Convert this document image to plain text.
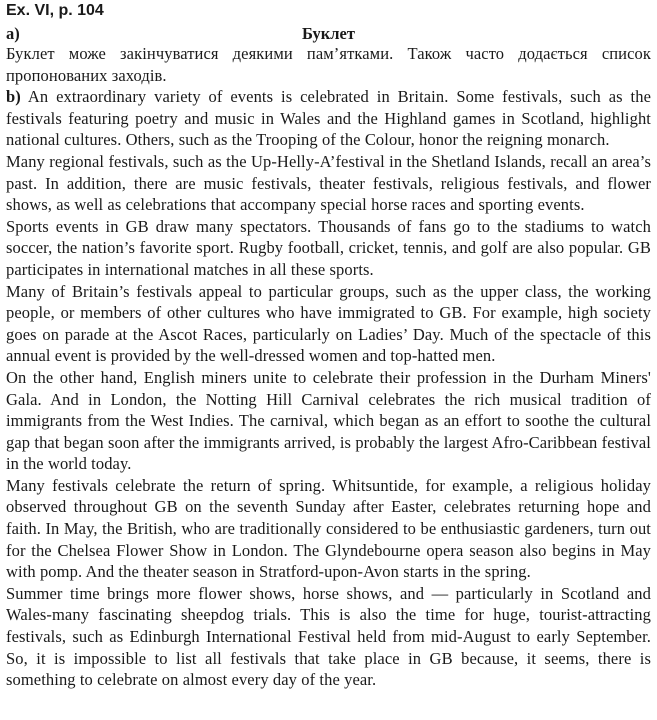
Ex. VI, p. 104
a)	Буклет

Буклет може закінчуватися деякими пам’ятками. Також часто додається список пропонованих заходів.

b) An extraordinary variety of events is celebrated in Britain. Some festivals, such as the festivals featuring poetry and music in Wales and the Highland games in Scotland, highlight national cultures. Others, such as the Trooping of the Colour, honor the reigning monarch.

Many regional festivals, such as the Up-Helly-A’festival in the Shetland Islands, recall an area’s past. In addition, there are music festivals, theater festivals, religious festivals, and flower shows, as well as celebrations that accompany special horse races and sporting events.

Sports events in GB draw many spectators. Thousands of fans go to the stadiums to watch soccer, the nation’s favorite sport. Rugby football, cricket, tennis, and golf are also popular. GB participates in international matches in all these sports.

Many of Britain’s festivals appeal to particular groups, such as the upper class, the working people, or members of other cultures who have immigrated to GB. For example, high society goes on parade at the Ascot Races, particularly on Ladies’ Day. Much of the spectacle of this annual event is provided by the well-dressed women and top-hatted men.

On the other hand, English miners unite to celebrate their profession in the Durham Miners' Gala. And in London, the Notting Hill Carnival celebrates the rich musical tradition of immigrants from the West Indies. The carnival, which began as an effort to soothe the cultural gap that began soon after the immigrants arrived, is probably the largest Afro-Caribbean festival in the world today.

Many festivals celebrate the return of spring. Whitsuntide, for example, a religious holiday observed throughout GB on the seventh Sunday after Easter, celebrates returning hope and faith. In May, the British, who are traditionally considered to be enthusiastic gardeners, turn out for the Chelsea Flower Show in London. The Glyndebourne opera season also begins in May with pomp. And the theater season in Stratford-upon-Avon starts in the spring.

Summer time brings more flower shows, horse shows, and — particularly in Scotland and Wales-many fascinating sheepdog trials. This is also the time for huge, tourist-attracting festivals, such as Edinburgh International Festival held from mid-August to early September. So, it is impossible to list all festivals that take place in GB because, it seems, there is something to celebrate on almost every day of the year.
